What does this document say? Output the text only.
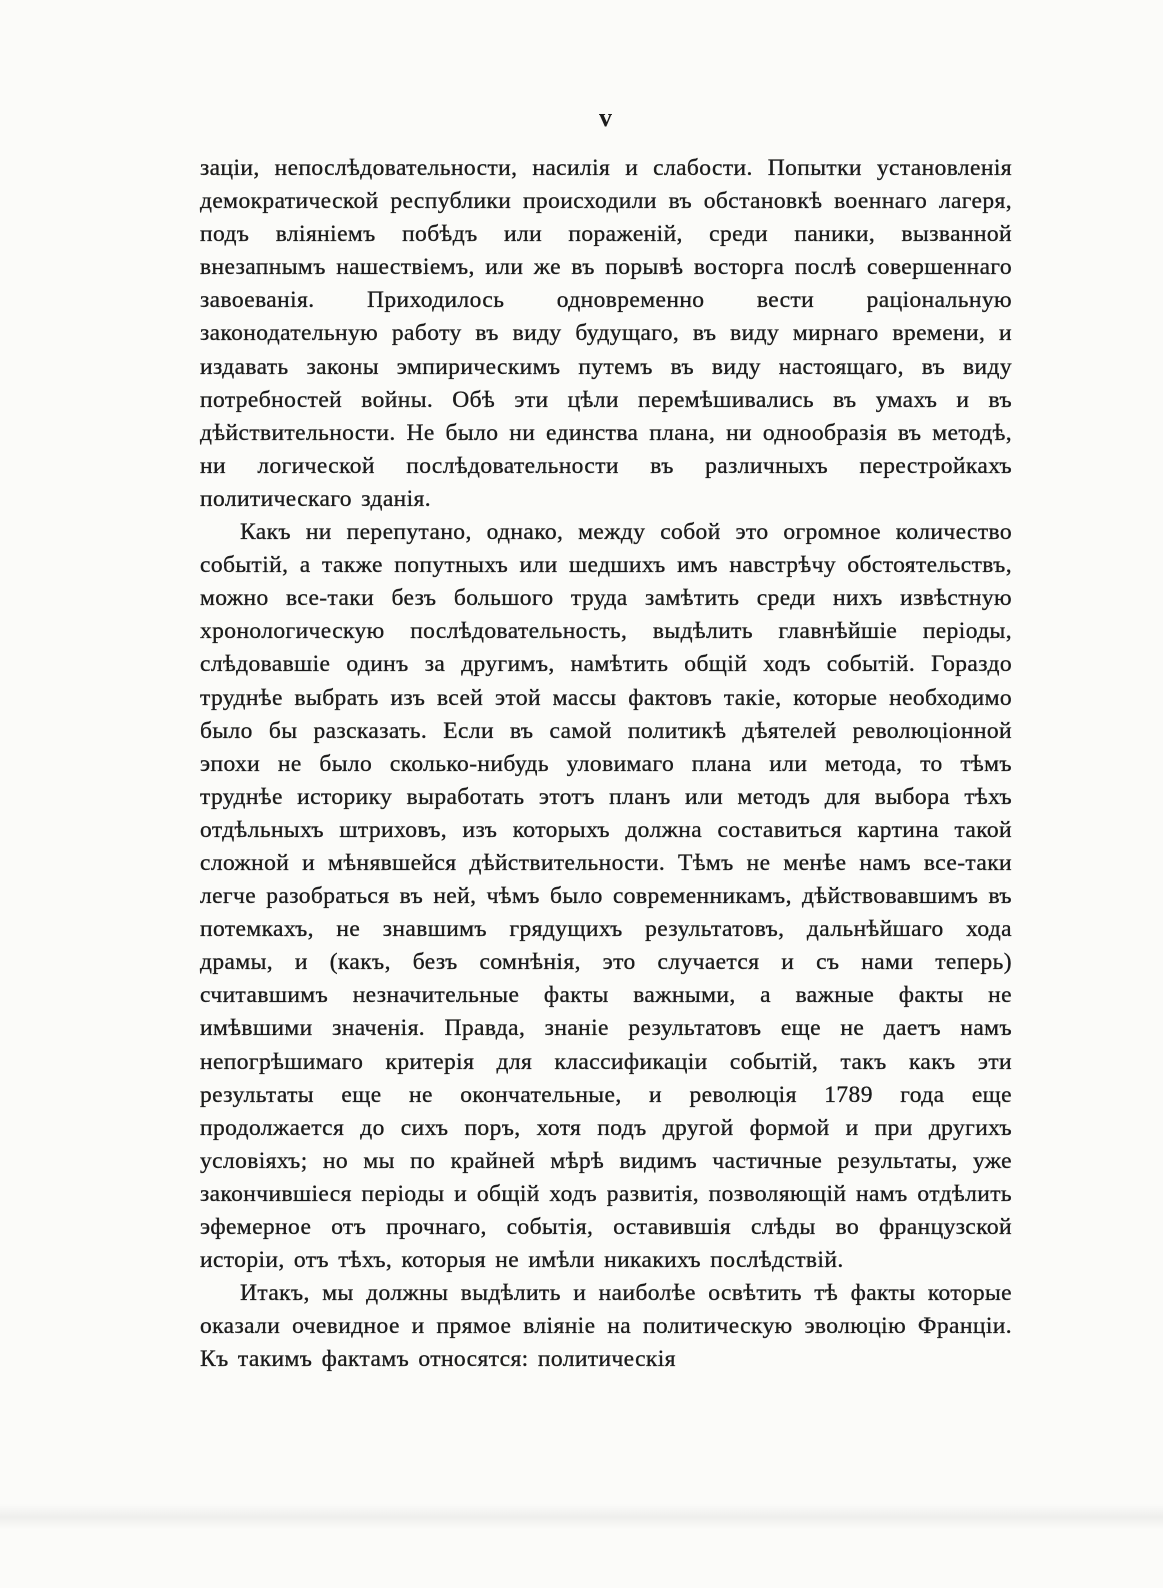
v

заціи, непослѣдовательности, насилія и слабости. Попытки установленія демократической республики происходили въ обстановкѣ военнаго лагеря, подъ вліяніемъ побѣдъ или пораженій, среди паники, вызванной внезапнымъ нашествіемъ, или же въ порывѣ восторга послѣ совершеннаго завоеванія. Приходилось одновременно вести раціональную законодательную работу въ виду будущаго, въ виду мирнаго времени, и издавать законы эмпирическимъ путемъ въ виду настоящаго, въ виду потребностей войны. Обѣ эти цѣли перемѣшивались въ умахъ и въ дѣйствительности. Не было ни единства плана, ни однообразія въ методѣ, ни логической послѣдовательности въ различныхъ перестройкахъ политическаго зданія.

Какъ ни перепутано, однако, между собой это огромное количество событій, а также попутныхъ или шедшихъ имъ навстрѣчу обстоятельствъ, можно все-таки безъ большого труда замѣтить среди нихъ извѣстную хронологическую послѣдовательность, выдѣлить главнѣйшіе періоды, слѣдовавшіе одинъ за другимъ, намѣтить общій ходъ событій. Гораздо труднѣе выбрать изъ всей этой массы фактовъ такіе, которые необходимо было бы разсказать. Если въ самой политикѣ дѣятелей революціонной эпохи не было сколько-нибудь уловимаго плана или метода, то тѣмъ труднѣе историку выработать этотъ планъ или методъ для выбора тѣхъ отдѣльныхъ штриховъ, изъ которыхъ должна составиться картина такой сложной и мѣнявшейся дѣйствительности. Тѣмъ не менѣе намъ все-таки легче разобраться въ ней, чѣмъ было современникамъ, дѣйствовавшимъ въ потемкахъ, не знавшимъ грядущихъ результатовъ, дальнѣйшаго хода драмы, и (какъ, безъ сомнѣнія, это случается и съ нами теперь) считавшимъ незначительные факты важными, а важные факты не имѣвшими значенія. Правда, знаніе результатовъ еще не даетъ намъ непогрѣшимаго критерія для классификаціи событій, такъ какъ эти результаты еще не окончательные, и революція 1789 года еще продолжается до сихъ поръ, хотя подъ другой формой и при другихъ условіяхъ; но мы по крайней мѣрѣ видимъ частичные результаты, уже закончившіеся періоды и общій ходъ развитія, позволяющій намъ отдѣлить эфемерное отъ прочнаго, событія, оставившія слѣды во французской исторіи, отъ тѣхъ, которыя не имѣли никакихъ послѣдствій.

Итакъ, мы должны выдѣлить и наиболѣе освѣтить тѣ факты которые оказали очевидное и прямое вліяніе на политическую эволюцію Франціи. Къ такимъ фактамъ относятся: политическія
